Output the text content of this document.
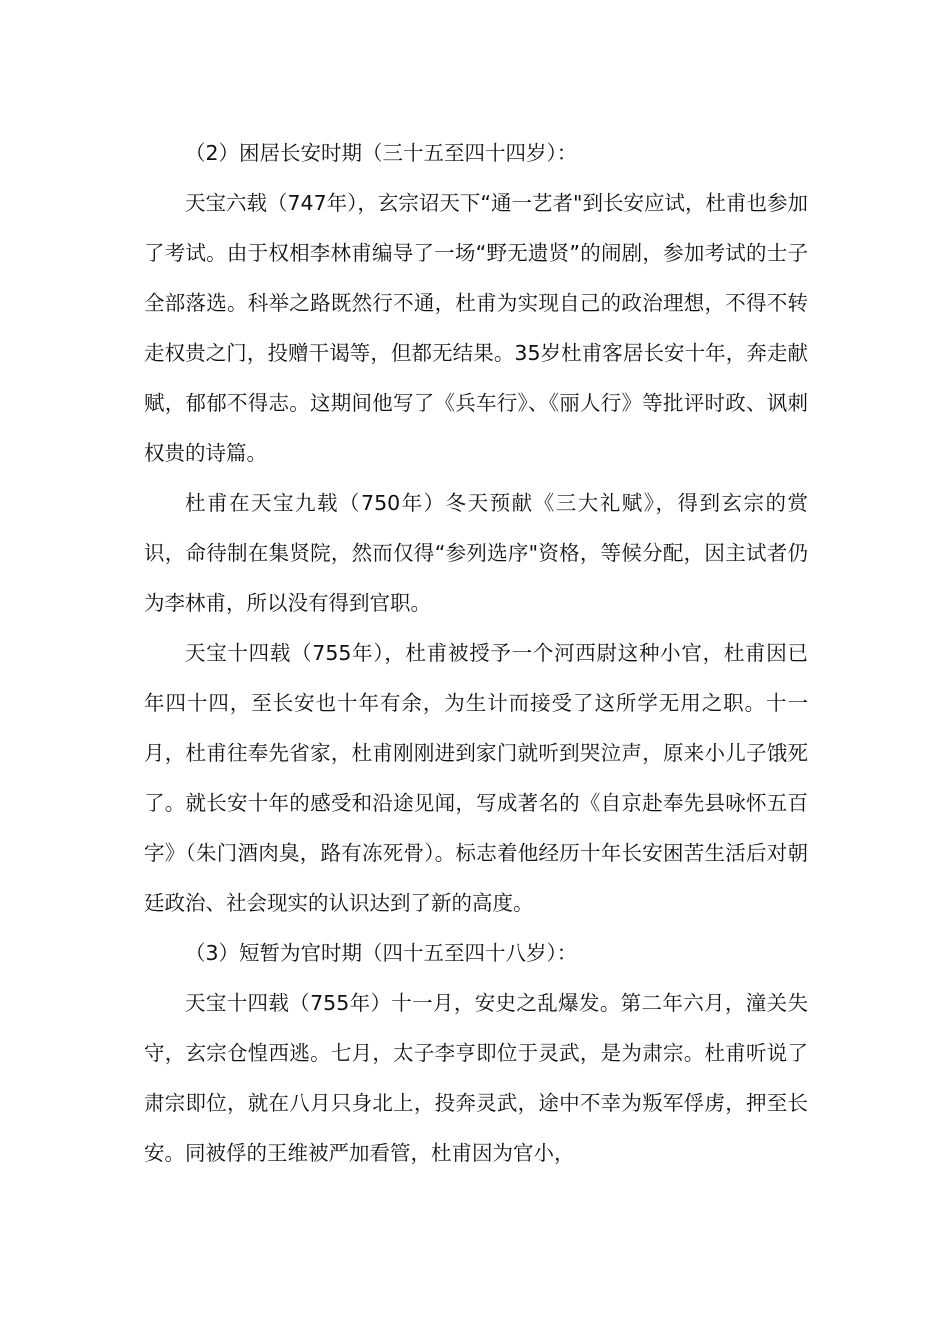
（2）困居长安时期（三十五至四十四岁）：

天宝六载（747年），玄宗诏天下“通一艺者"到长安应试，杜甫也参加了考试。由于权相李林甫编导了一场“野无遗贤”的闹剧，参加考试的士子全部落选。科举之路既然行不通，杜甫为实现自己的政治理想，不得不转走权贵之门，投赠干谒等，但都无结果。35岁杜甫客居长安十年，奔走献赋，郁郁不得志。这期间他写了《兵车行》、《丽人行》等批评时政、讽刺权贵的诗篇。

杜甫在天宝九载（750年）冬天预献《三大礼赋》，得到玄宗的赏识，命待制在集贤院，然而仅得“参列选序"资格，等候分配，因主试者仍为李林甫，所以没有得到官职。

天宝十四载（755年），杜甫被授予一个河西尉这种小官，杜甫因已年四十四，至长安也十年有余，为生计而接受了这所学无用之职。十一月，杜甫往奉先省家，杜甫刚刚进到家门就听到哭泣声，原来小儿子饿死了。就长安十年的感受和沿途见闻，写成著名的《自京赴奉先县咏怀五百字》（朱门酒肉臭，路有冻死骨）。标志着他经历十年长安困苦生活后对朝廷政治、社会现实的认识达到了新的高度。

（3）短暂为官时期（四十五至四十八岁）：

天宝十四载（755年）十一月，安史之乱爆发。第二年六月，潼关失守，玄宗仓惶西逃。七月，太子李亨即位于灵武，是为肃宗。杜甫听说了肃宗即位，就在八月只身北上，投奔灵武，途中不幸为叛军俘虏，押至长安。同被俘的王维被严加看管，杜甫因为官小，
